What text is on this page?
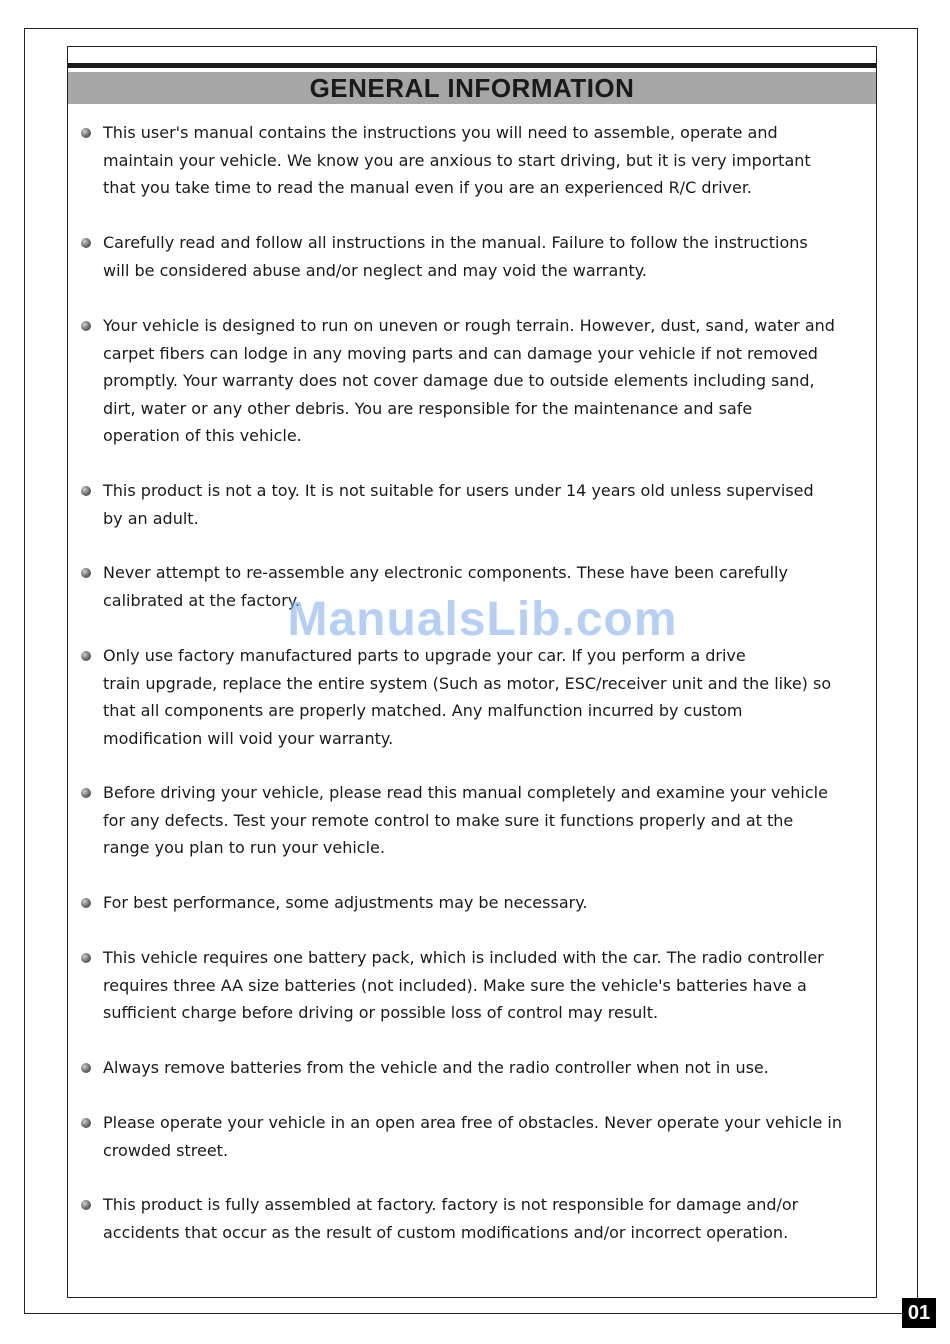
GENERAL INFORMATION
This user's manual contains the instructions you will need to assemble, operate and
maintain your vehicle. We know you are anxious to start driving, but it is very important
that you take time to read the manual even if you are an experienced R/C driver.
Carefully read and follow all instructions in the manual. Failure to follow the instructions
will be considered abuse and/or neglect and may void the warranty.
Your vehicle is designed to run on uneven or rough terrain. However, dust, sand, water and
carpet fibers can lodge in any moving parts and can damage your vehicle if not removed
promptly. Your warranty does not cover damage due to outside elements including sand,
dirt, water or any other debris. You are responsible for the maintenance and safe
operation of this vehicle.
This product is not a toy. It is not suitable for users under 14 years old unless supervised
by an adult.
Never attempt to re-assemble any electronic components. These have been carefully
calibrated at the factory.
Only use factory manufactured parts to upgrade your car. If you perform a drive
train upgrade, replace the entire system (Such as motor, ESC/receiver unit and the like) so
that all components are properly matched. Any malfunction incurred by custom
modification will void your warranty.
Before driving your vehicle, please read this manual completely and examine your vehicle
for any defects. Test your remote control to make sure it functions properly and at the
range you plan to run your vehicle.
For best performance, some adjustments may be necessary.
This vehicle requires one battery pack, which is included with the car. The radio controller
requires three AA size batteries (not included). Make sure the vehicle's batteries have a
sufficient charge before driving or possible loss of control may result.
Always remove batteries from the vehicle and the radio controller when not in use.
Please operate your vehicle in an open area free of obstacles. Never operate your vehicle in
crowded street.
This product is fully assembled at factory. factory is not responsible for damage and/or
accidents that occur as the result of custom modifications and/or incorrect operation.
ManualsLib.com
01
